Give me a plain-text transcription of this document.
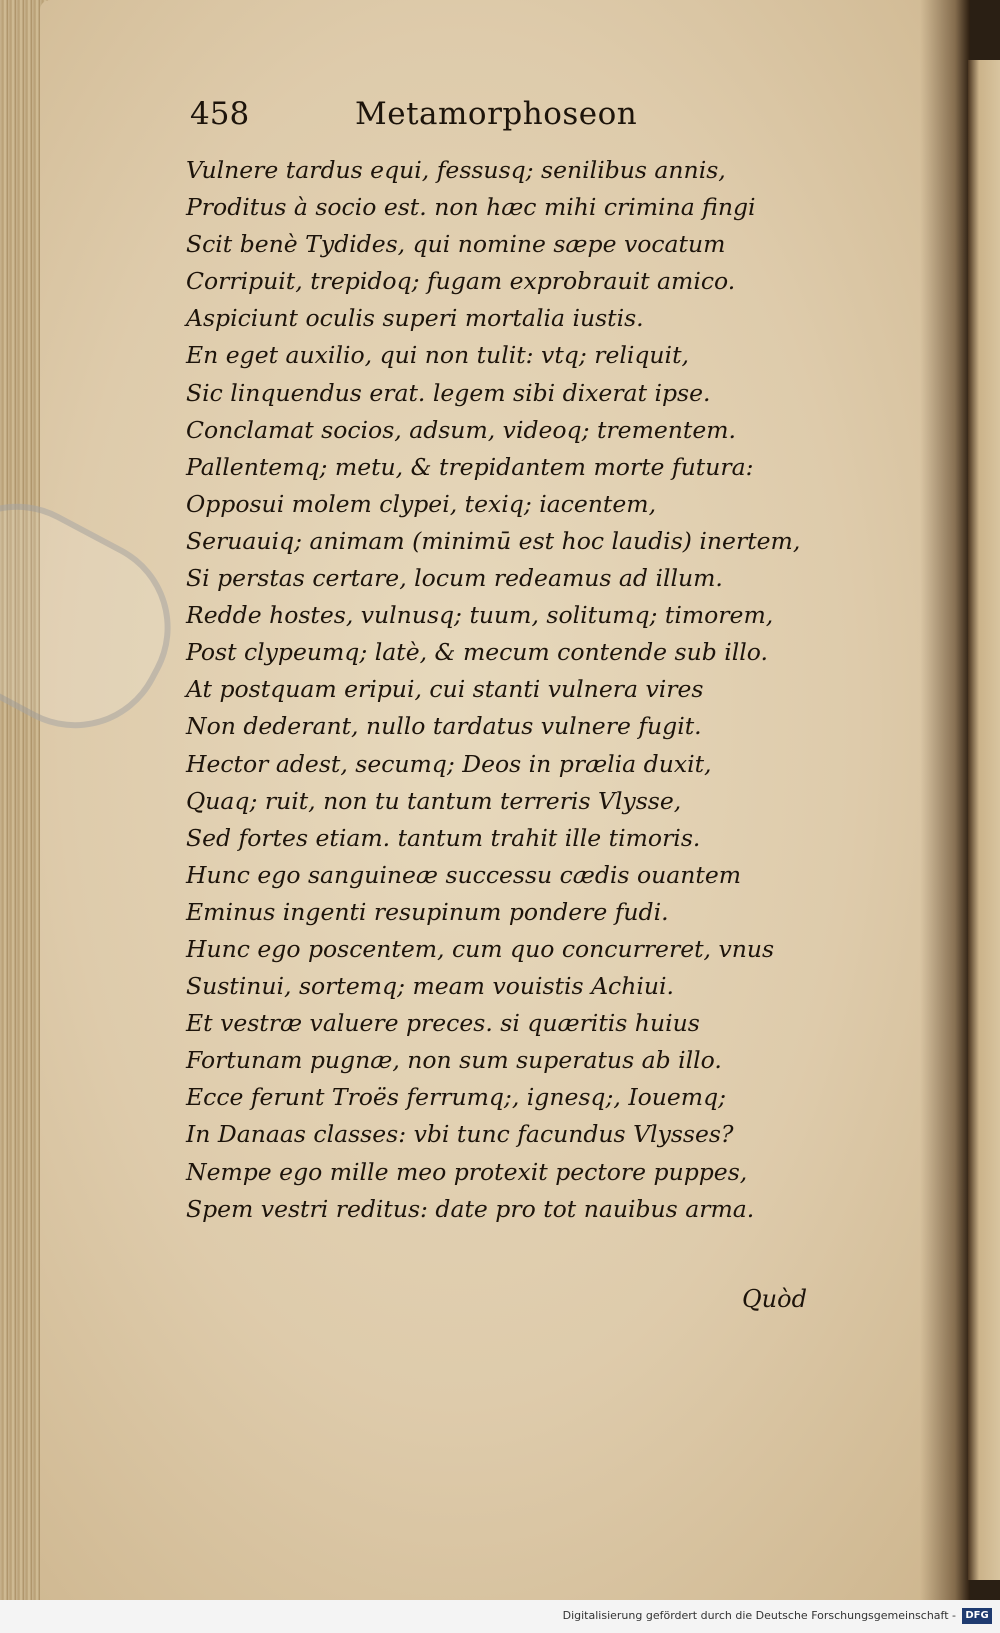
458	Metamorphoseon
Vulnere tardus equi, fessusq; senilibus annis,
Proditus à socio est. non hæc mihi crimina fingi
Scit benè Tydides, qui nomine sæpe vocatum
Corripuit, trepidoq; fugam exprobrauit amico.
Aspiciunt oculis superi mortalia iustis.
En eget auxilio, qui non tulit: vtq; reliquit,
Sic linquendus erat. legem sibi dixerat ipse.
Conclamat socios, adsum, videoq; trementem.
Pallentemq; metu, & trepidantem morte futura:
Opposui molem clypei, texiq; iacentem,
Seruauiq; animam (minimū est hoc laudis) inertem,
Si perstas certare, locum redeamus ad illum.
Redde hostes, vulnusq; tuum, solitumq; timorem,
Post clypeumq; latè, & mecum contende sub illo.
At postquam eripui, cui stanti vulnera vires
Non dederant, nullo tardatus vulnere fugit.
Hector adest, secumq; Deos in prælia duxit,
Quaq; ruit, non tu tantum terreris Vlysse,
Sed fortes etiam. tantum trahit ille timoris.
Hunc ego sanguineæ successu cædis ouantem
Eminus ingenti resupinum pondere fudi.
Hunc ego poscentem, cum quo concurreret, vnus
Sustinui, sortemq; meam vouistis Achiui.
Et vestræ valuere preces. si quæritis huius
Fortunam pugnæ, non sum superatus ab illo.
Ecce ferunt Troës ferrumq;, ignesq;, Iouemq;
In Danaas classes: vbi tunc facundus Vlysses?
Nempe ego mille meo protexit pectore puppes,
Spem vestri reditus: date pro tot nauibus arma.
Quòd
Digitalisierung gefördert durch die Deutsche Forschungsgemeinschaft - DFG
